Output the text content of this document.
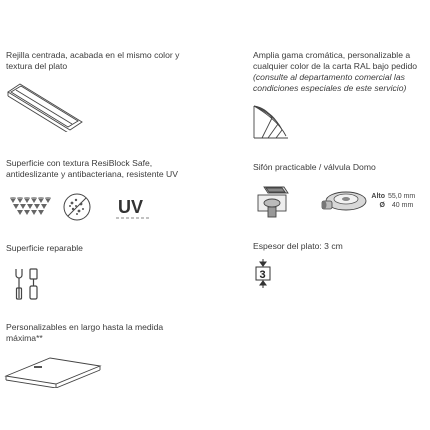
Rejilla centrada, acabada en el mismo color y
textura del plato
Superficie con textura ResiBlock Safe,
antideslizante y antibacteriana, resistente UV
UV
Superficie reparable
Personalizables en largo hasta la medida
máxima**
Amplia gama cromática, personalizable a
cualquier color de la carta RAL bajo pedido
(consulte al departamento comercial las
condiciones especiales de este servicio)
Sifón practicable / válvula Domo
Alto 55,0 mm
Ø 40 mm
Espesor del plato: 3 cm
3
